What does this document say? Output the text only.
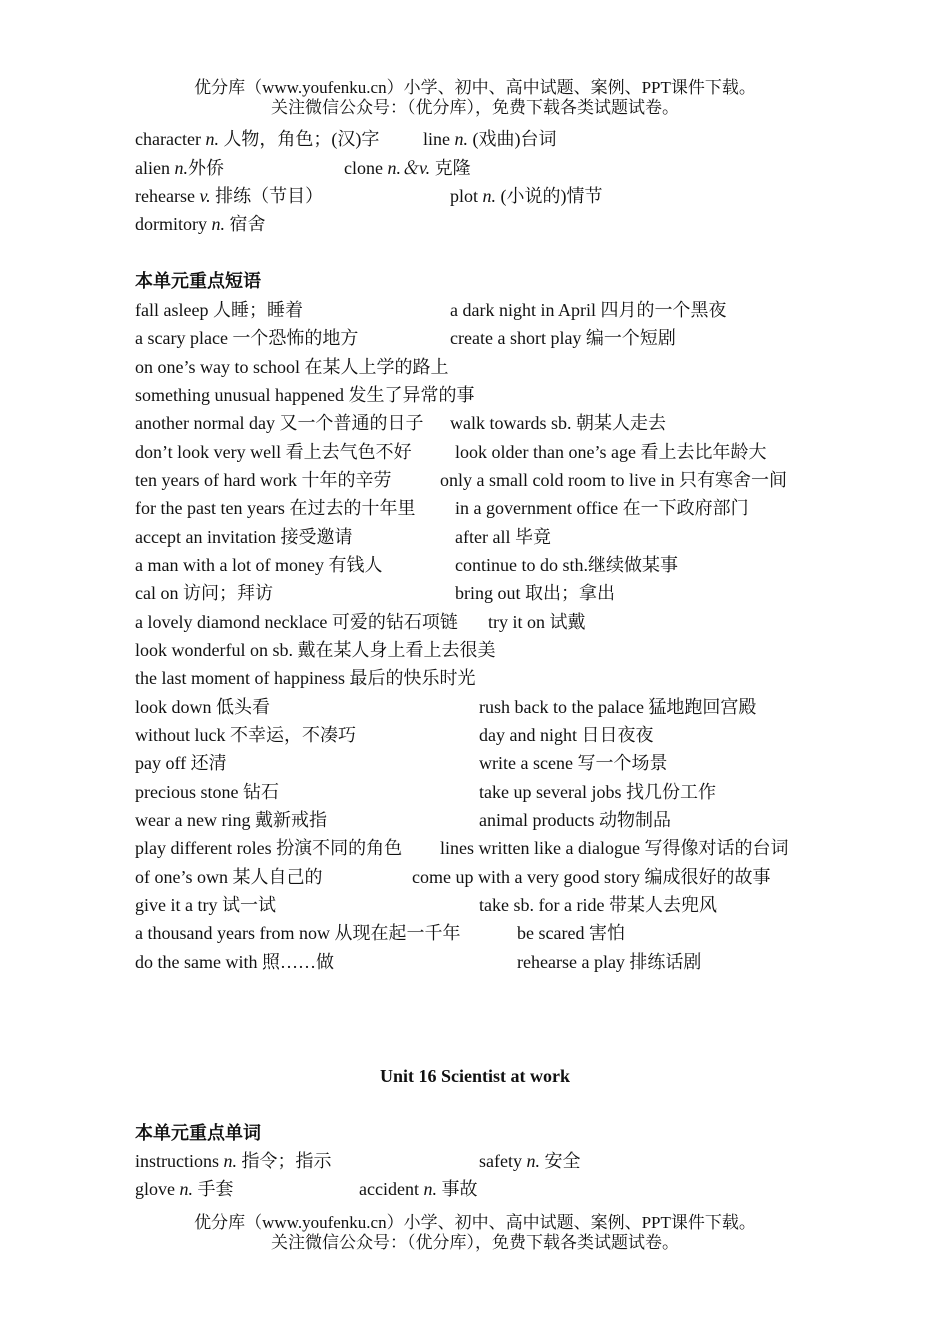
优分库（www.youfenku.cn）小学、初中、高中试题、案例、PPT课件下载。
关注微信公众号：（优分库），免费下载各类试题试卷。
character n. 人物，角色；(汉)字 line n. (戏曲)台词
alien n.外侨	clone n.＆v. 克隆
rehearse v. 排练（节目）	plot n. (小说的)情节
dormitory n. 宿舍
本单元重点短语
fall asleep 人睡；睡着	a dark night in April 四月的一个黑夜
a scary place 一个恐怖的地方	create a short play 编一个短剧
on one’s way to school 在某人上学的路上
something unusual happened 发生了异常的事
another normal day 又一个普通的日子 walk towards sb. 朝某人走去
don’t look very well 看上去气色不好 look older than one’s age 看上去比年龄大
ten years of hard work 十年的辛劳	only a small cold room to live in 只有寒舍一间
for the past ten years 在过去的十年里 in a government office 在一下政府部门
accept an invitation 接受邀请	after all 毕竟
a man with a lot of money 有钱人	continue to do sth.继续做某事
cal on 访问；拜访	bring out 取出；拿出
a lovely diamond necklace 可爱的钻石项链 try it on 试戴
look wonderful on sb. 戴在某人身上看上去很美
the last moment of happiness 最后的快乐时光
look down 低头看	rush back to the palace 猛地跑回宫殿
without luck 不幸运，不凑巧	day and night 日日夜夜
pay off 还清	write a scene 写一个场景
precious stone 钻石	take up several jobs 找几份工作
wear a new ring 戴新戒指	animal products 动物制品
play different roles 扮演不同的角色 lines written like a dialogue 写得像对话的台词
of one’s own 某人自己的	come up with a very good story 编成很好的故事
give it a try 试一试	take sb. for a ride 带某人去兜风
a thousand years from now 从现在起一千年	be scared 害怕
do the same with 照……做	rehearse a play 排练话剧
Unit 16 Scientist at work
本单元重点单词
instructions n. 指令；指示	safety n. 安全
glove n. 手套	accident n. 事故
优分库（www.youfenku.cn）小学、初中、高中试题、案例、PPT课件下载。
关注微信公众号：（优分库），免费下载各类试题试卷。
